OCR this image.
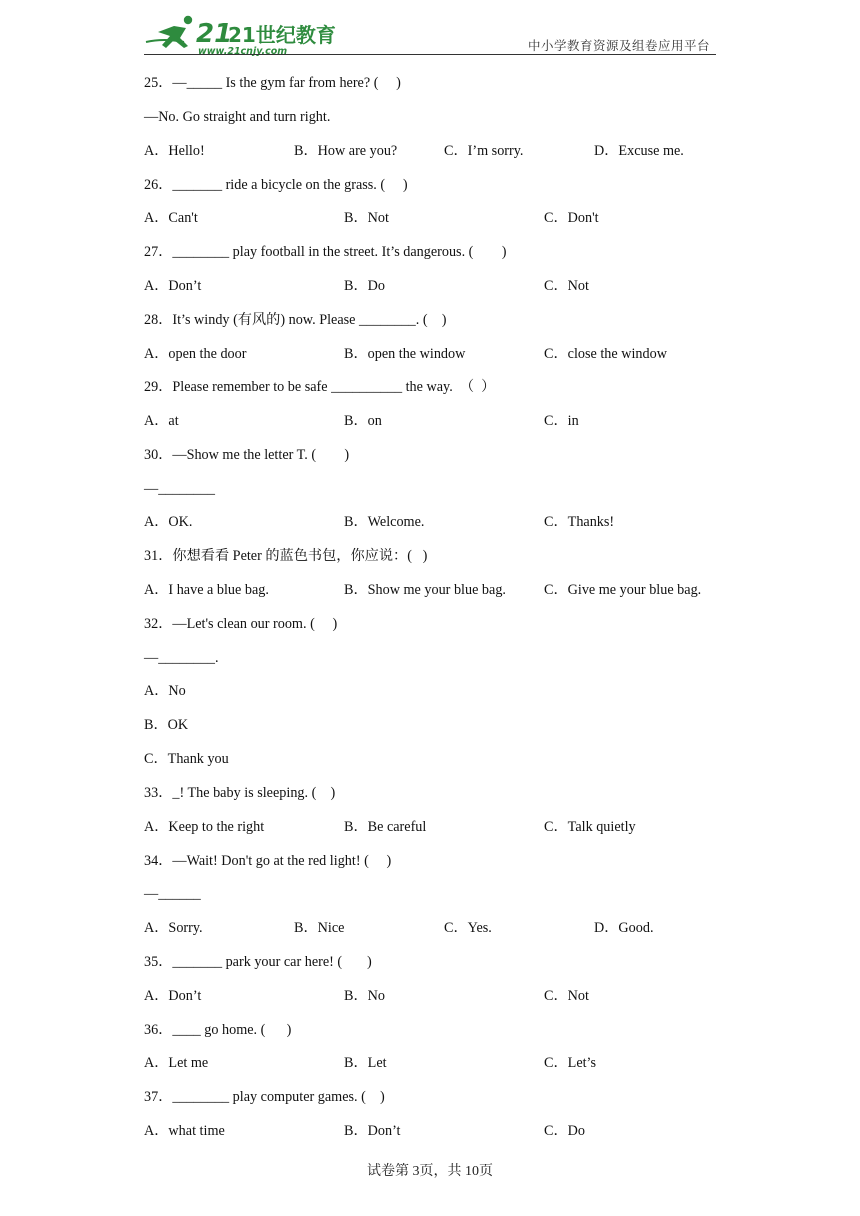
21
21世纪教育
www.21cnjy.com	中小学教育资源及组卷应用平台
25．—_____ Is the gym far from here? (     )
—No. Go straight and turn right.
A．Hello!	B．How are you?	C．I’m sorry.	D．Excuse me.
26．_______ ride a bicycle on the grass. (     )
A．Can't	B．Not	C．Don't
27．________ play football in the street. It’s dangerous. (        )
A．Don’t	B．Do	C．Not
28．It’s windy (有风的) now. Please ________. (    )
A．open the door	B．open the window	C．close the window
29．Please remember to be safe __________ the way.  （  ）
A．at	B．on	C．in
30．—Show me the letter T. (        )
—________
A．OK.	B．Welcome.	C．Thanks!
31．你想看看 Peter 的蓝色书包，你应说：(   )
A．I have a blue bag.	B．Show me your blue bag.	C．Give me your blue bag.
32．—Let's clean our room. (     )
—________.
A．No
B．OK
C．Thank you
33．_! The baby is sleeping. (    )
A．Keep to the right	B．Be careful	C．Talk quietly
34．—Wait! Don't go at the red light! (     )
—______
A．Sorry.	B．Nice	C．Yes.	D．Good.
35．_______ park your car here! (       )
A．Don’t	B．No	C．Not
36．____ go home. (      )
A．Let me	B．Let	C．Let’s
37．________ play computer games. (    )
A．what time	B．Don’t	C．Do
试卷第 3页，共 10页
